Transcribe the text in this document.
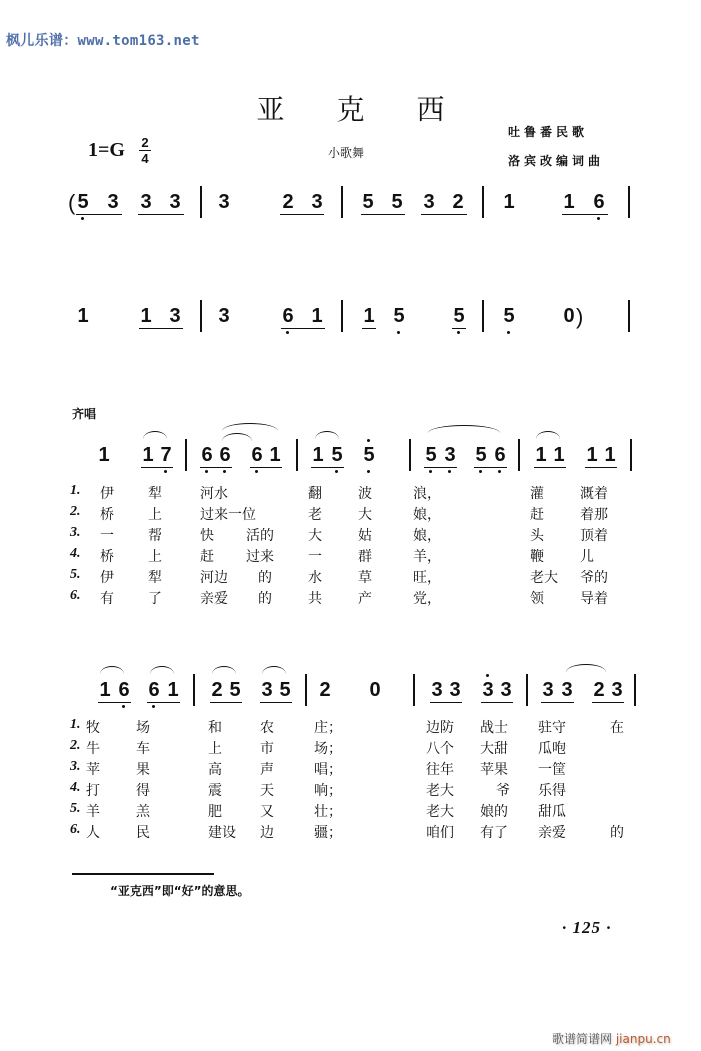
枫儿乐谱：www.tom163.net
亚克西
1=G 2
4	小歌舞
吐鲁番民歌
洛宾改编词曲
( 5 3 3 3 3	2 3 5 5 3 2 1 1 6
1	1 3 3	6 1 1 5 5 5 0 )
齐唱
1 1 7 6 6 6 1 1 5 5	5 3 5 6 1 1 1 1
1. 伊 犁	河水	翻	波	浪，	灌	溉着
2. 桥 上	过来一位	老	大	娘，	赶	着那
3. 一 帮	快 活的 大	姑	娘，	头	顶着
4. 桥 上	赶 过来 一	群	羊，	鞭	儿
5. 伊 犁	河边 的	水	草	旺，	老大 爷的
6. 有 了	亲爱 的	共	产	党，	领	导着
1 6 6 1 2 5 3 5 2 0	3 3 3 3 3 3 2 3
1. 牧	场	和	农	庄；	边防 战士 驻守	在
2. 牛	车	上	市	场；	八个 大甜 瓜咆
3. 苹	果	高	声	唱；	往年 苹果 一筐
4. 打	得	震	天	响；	老大	爷 乐得
5. 羊	羔	肥	又	壮；	老大 娘的 甜瓜
6. 人	民	建设 边	疆；	咱们 有了 亲爱	的
“亚克西”即“好”的意思。
· 125 ·
歌谱简谱网 jianpu.cn
